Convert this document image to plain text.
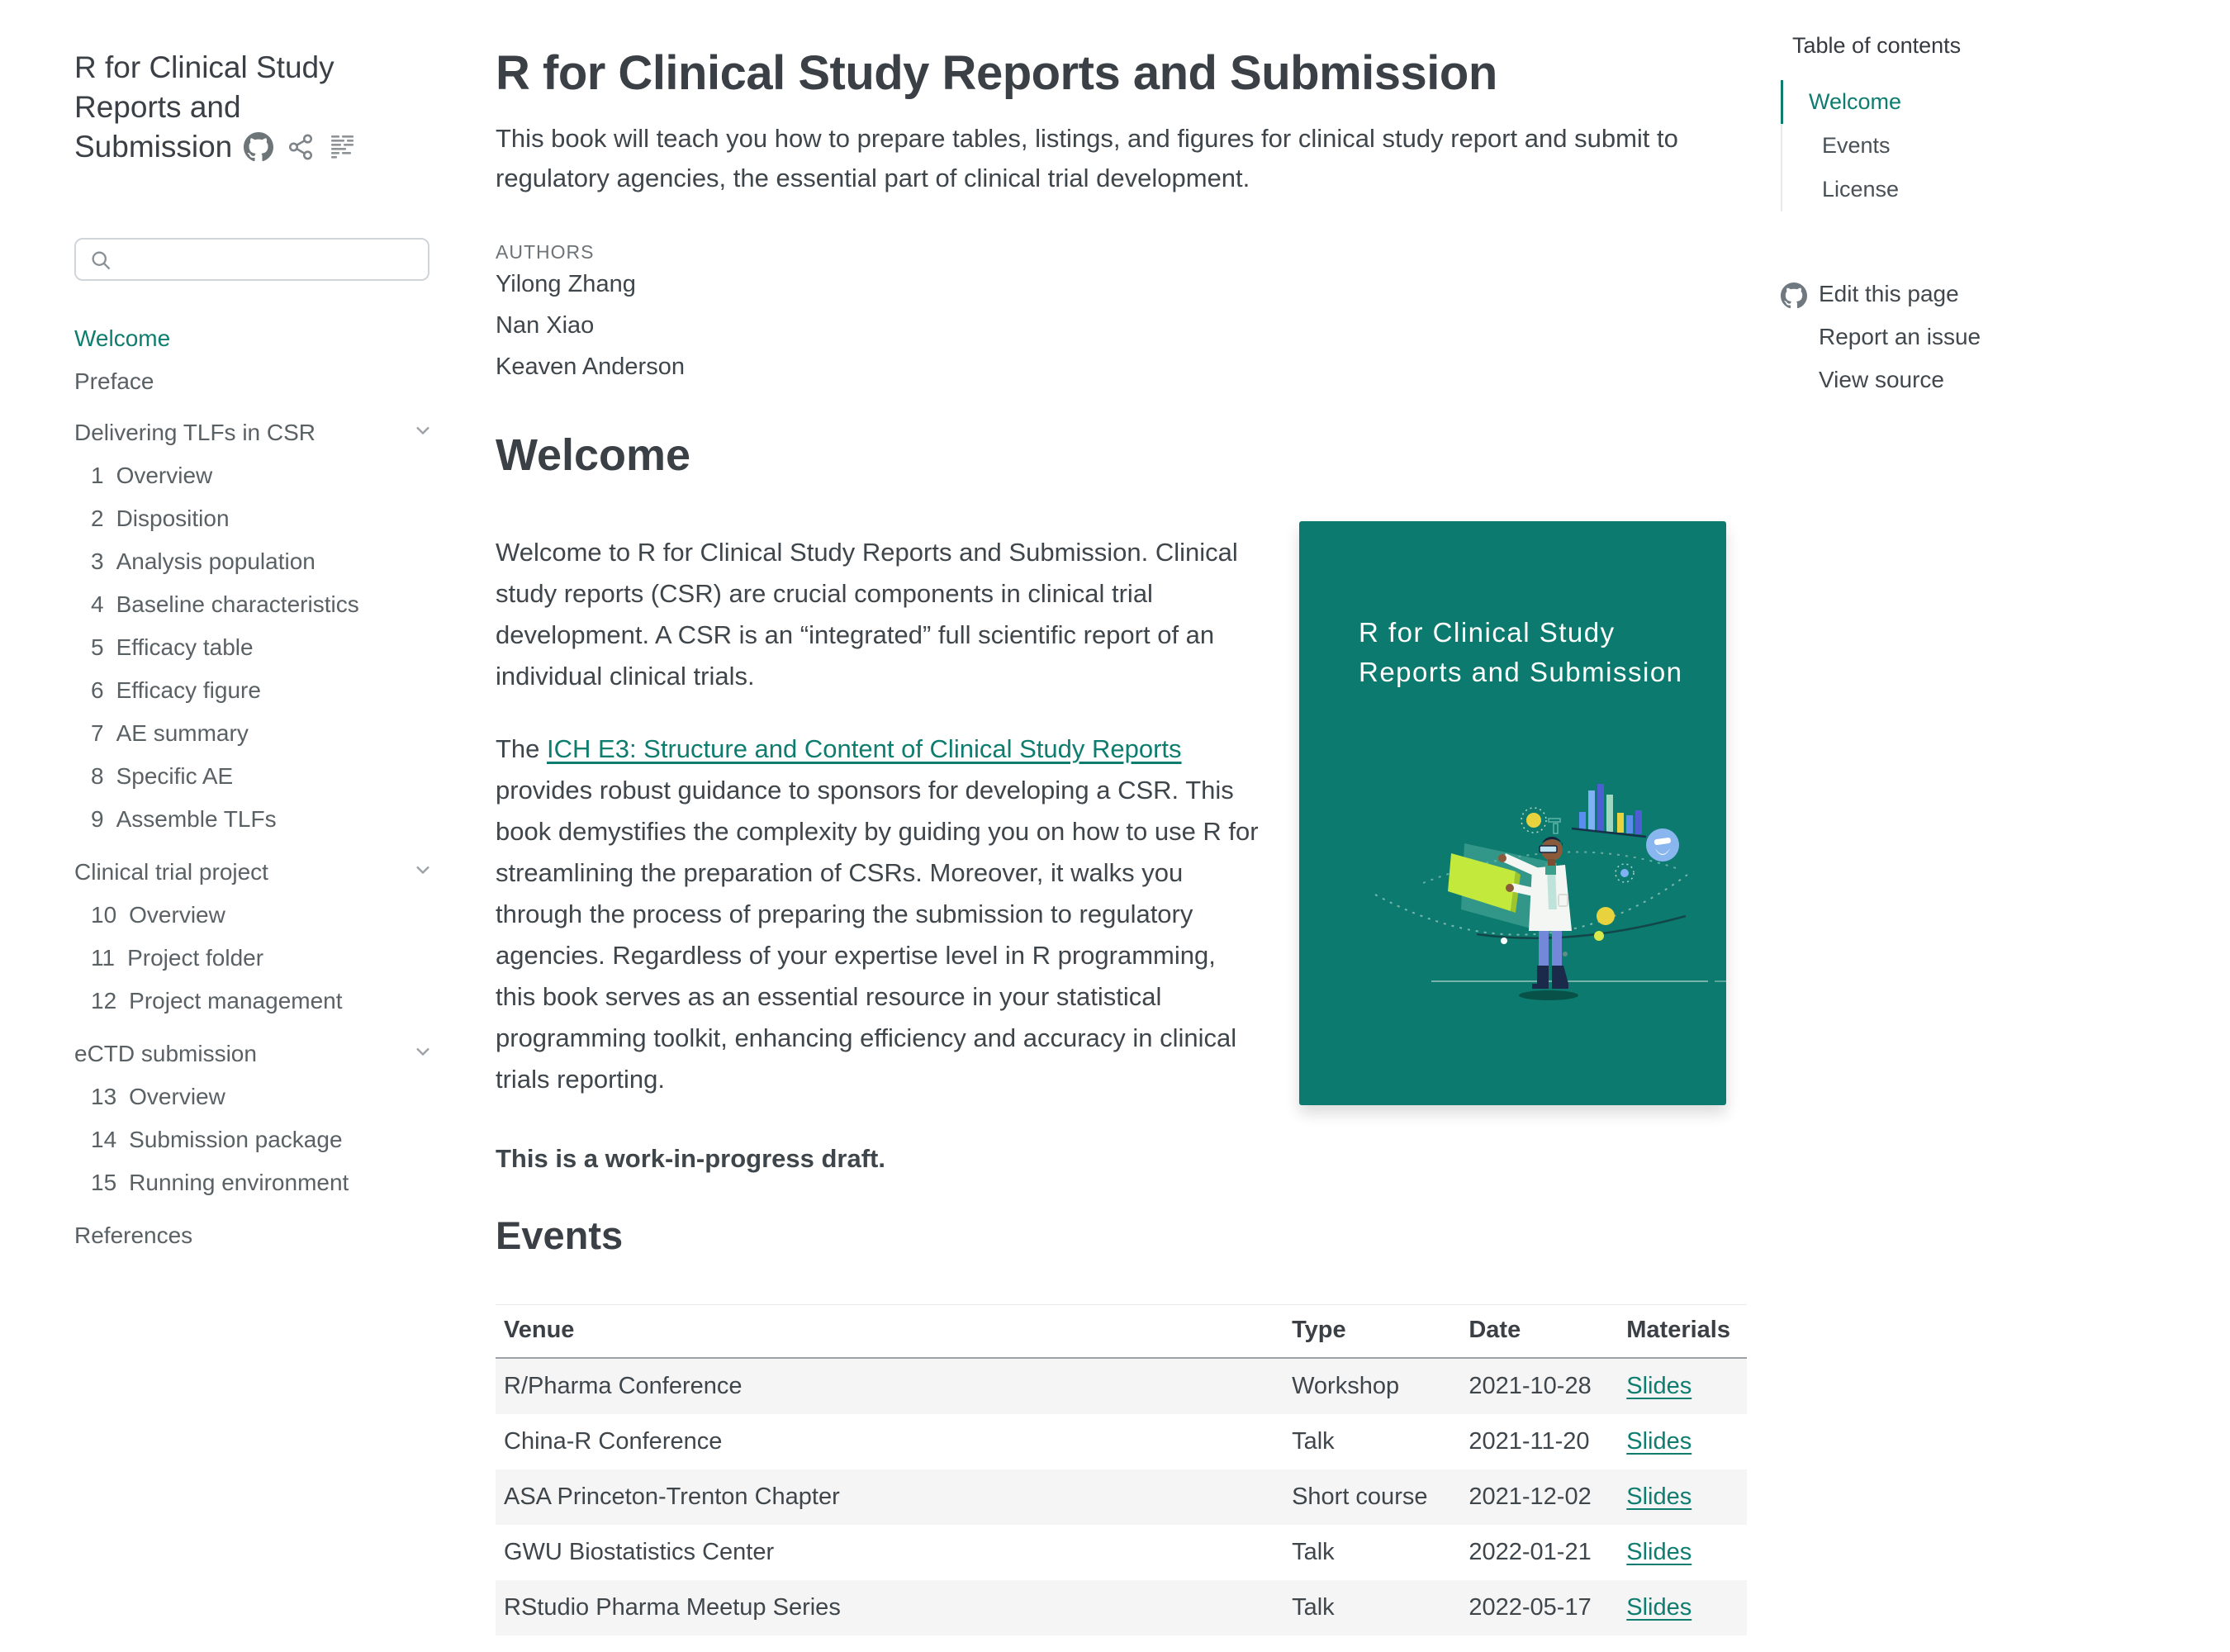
R for Clinical Study Reports and Submission
Welcome
Preface
Delivering TLFs in CSR
1 Overview
2 Disposition
3 Analysis population
4 Baseline characteristics
5 Efficacy table
6 Efficacy figure
7 AE summary
8 Specific AE
9 Assemble TLFs
Clinical trial project
10 Overview
11 Project folder
12 Project management
eCTD submission
13 Overview
14 Submission package
15 Running environment
References
R for Clinical Study Reports and Submission

This book will teach you how to prepare tables, listings, and figures for clinical study report and submit to regulatory agencies, the essential part of clinical trial development.

AUTHORS
Yilong Zhang
Nan Xiao
Keaven Anderson
Welcome

Welcome to R for Clinical Study Reports and Submission. Clinical study reports (CSR) are crucial components in clinical trial development. A CSR is an “integrated” full scientific report of an individual clinical trials.

The ICH E3: Structure and Content of Clinical Study Reports provides robust guidance to sponsors for developing a CSR. This book demystifies the complexity by guiding you on how to use R for streamlining the preparation of CSRs. Moreover, it walks you through the process of preparing the submission to regulatory agencies. Regardless of your expertise level in R programming, this book serves as an essential resource in your statistical programming toolkit, enhancing efficiency and accuracy in clinical trials reporting.

This is a work-in-progress draft.

R for Clinical Study
Reports and Submission
Events
Venue	Type	Date	Materials
R/Pharma Conference	Workshop	2021-10-28	Slides
China-R Conference	Talk	2021-11-20	Slides
ASA Princeton-Trenton Chapter	Short course	2021-12-02	Slides
GWU Biostatistics Center	Talk	2022-01-21	Slides
RStudio Pharma Meetup Series	Talk	2022-05-17	Slides
Table of contents
Welcome
Events
License
Edit this page
Report an issue
View source
